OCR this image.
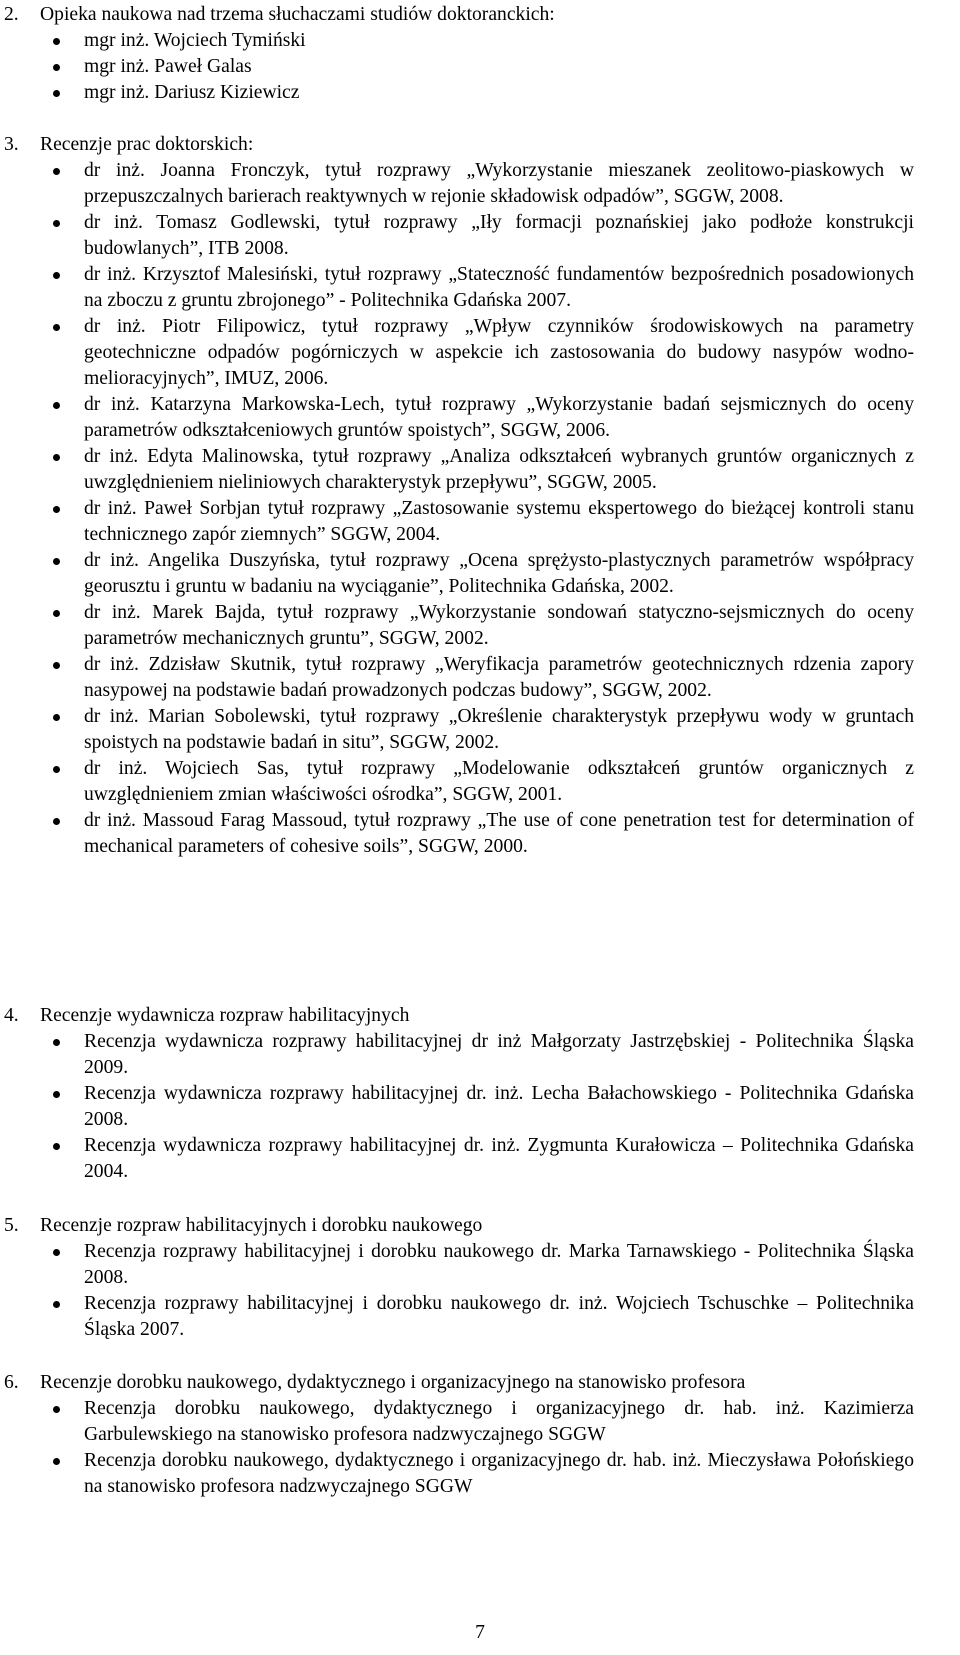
2. Opieka naukowa nad trzema słuchaczami studiów doktoranckich:
mgr inż. Wojciech Tymiński
mgr inż. Paweł Galas
mgr inż. Dariusz Kiziewicz
3. Recenzje prac doktorskich:
dr inż. Joanna Fronczyk, tytuł rozprawy „Wykorzystanie mieszanek zeolitowo-piaskowych w przepuszczalnych barierach reaktywnych w rejonie składowisk odpadów”, SGGW, 2008.
dr inż. Tomasz Godlewski, tytuł rozprawy „Iły formacji poznańskiej jako podłoże konstrukcji budowlanych”, ITB 2008.
dr inż. Krzysztof Malesiński, tytuł rozprawy „Stateczność fundamentów bezpośrednich posadowionych na zboczu z gruntu zbrojonego” - Politechnika Gdańska 2007.
dr inż. Piotr Filipowicz, tytuł rozprawy „Wpływ czynników środowiskowych na parametry geotechniczne odpadów pogórniczych w aspekcie ich zastosowania do budowy nasypów wodno-melioracyjnych”, IMUZ, 2006.
dr inż. Katarzyna Markowska-Lech, tytuł rozprawy „Wykorzystanie badań sejsmicznych do oceny parametrów odkształceniowych gruntów spoistych”, SGGW, 2006.
dr inż. Edyta Malinowska, tytuł rozprawy „Analiza odkształceń wybranych gruntów organicznych z uwzględnieniem nieliniowych charakterystyk przepływu”, SGGW, 2005.
dr inż. Paweł Sorbjan tytuł rozprawy „Zastosowanie systemu ekspertowego do bieżącej kontroli stanu technicznego zapór ziemnych” SGGW, 2004.
dr inż. Angelika Duszyńska, tytuł rozprawy „Ocena sprężysto-plastycznych parametrów współpracy georusztu i gruntu w badaniu na wyciąganie”, Politechnika Gdańska, 2002.
dr inż. Marek Bajda, tytuł rozprawy „Wykorzystanie sondowań statyczno-sejsmicznych do oceny parametrów mechanicznych gruntu”, SGGW, 2002.
dr inż. Zdzisław Skutnik, tytuł rozprawy „Weryfikacja parametrów geotechnicznych rdzenia zapory nasypowej na podstawie badań prowadzonych podczas budowy”, SGGW, 2002.
dr inż. Marian Sobolewski, tytuł rozprawy „Określenie charakterystyk przepływu wody w gruntach spoistych na podstawie badań in situ”, SGGW, 2002.
dr inż. Wojciech Sas, tytuł rozprawy „Modelowanie odkształceń gruntów organicznych z uwzględnieniem zmian właściwości ośrodka”, SGGW, 2001.
dr inż. Massoud Farag Massoud, tytuł rozprawy „The use of cone penetration test for determination of mechanical parameters of cohesive soils”, SGGW, 2000.
4. Recenzje wydawnicza rozpraw habilitacyjnych
Recenzja wydawnicza rozprawy habilitacyjnej dr inż Małgorzaty Jastrzębskiej - Politechnika Śląska 2009.
Recenzja wydawnicza rozprawy habilitacyjnej dr. inż. Lecha Bałachowskiego - Politechnika Gdańska 2008.
Recenzja wydawnicza rozprawy habilitacyjnej dr. inż. Zygmunta Kurałowicza – Politechnika Gdańska 2004.
5. Recenzje rozpraw habilitacyjnych i dorobku naukowego
Recenzja rozprawy habilitacyjnej i dorobku naukowego dr. Marka Tarnawskiego - Politechnika Śląska 2008.
Recenzja rozprawy habilitacyjnej i dorobku naukowego dr. inż. Wojciech Tschuschke – Politechnika Śląska 2007.
6. Recenzje dorobku naukowego, dydaktycznego i organizacyjnego na stanowisko profesora
Recenzja dorobku naukowego, dydaktycznego i organizacyjnego dr. hab. inż. Kazimierza Garbulewskiego na stanowisko profesora nadzwyczajnego SGGW
Recenzja dorobku naukowego, dydaktycznego i organizacyjnego dr. hab. inż. Mieczysława Połońskiego na stanowisko profesora nadzwyczajnego SGGW
7
